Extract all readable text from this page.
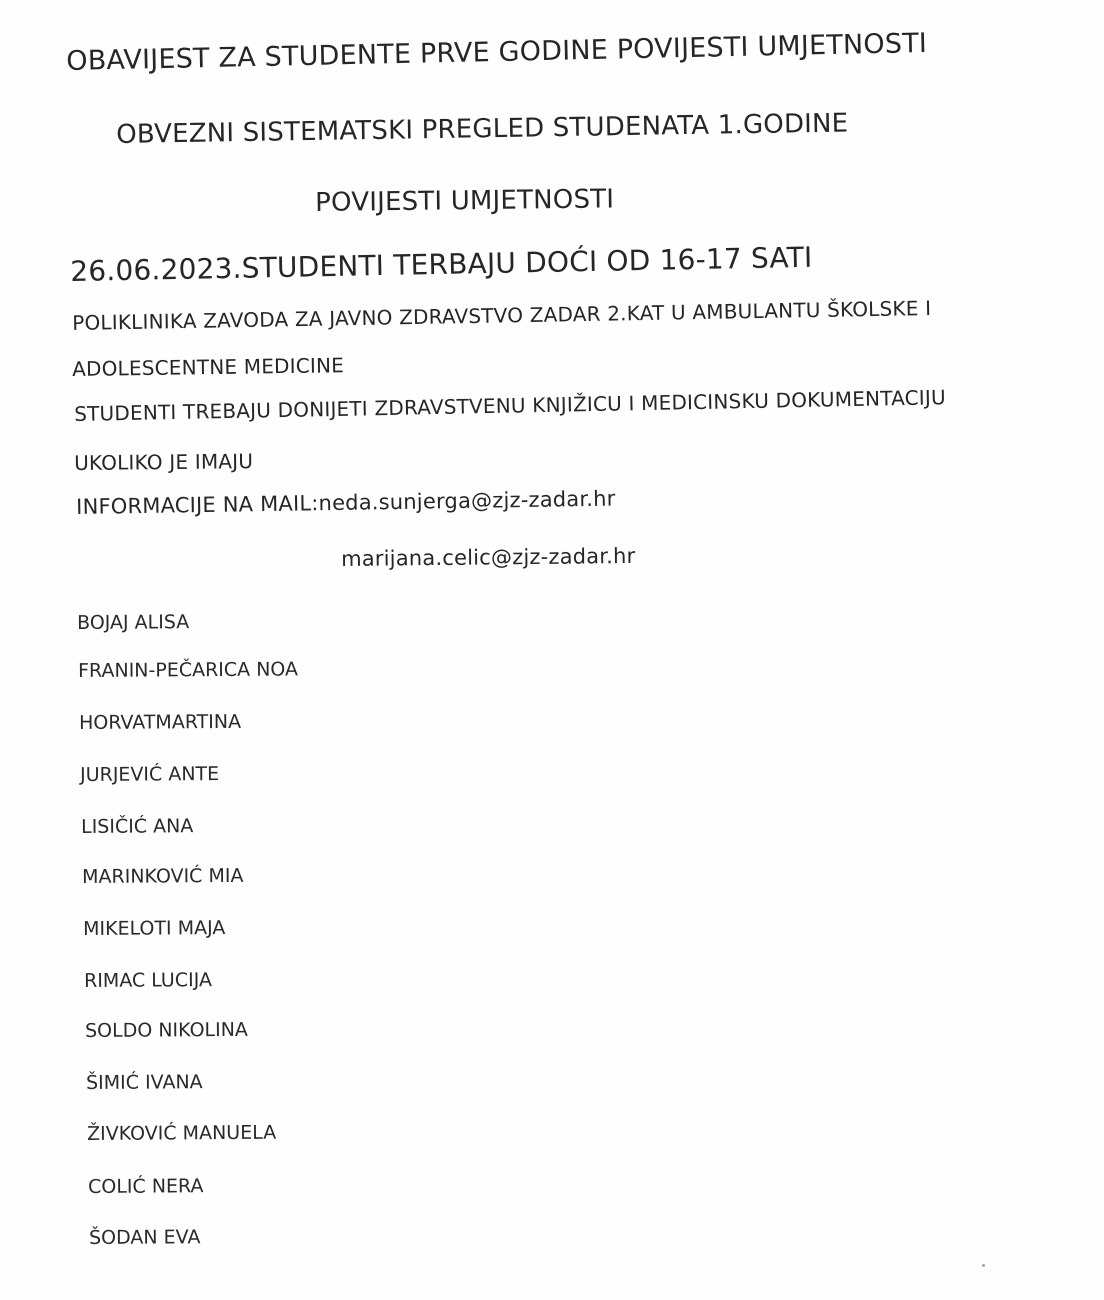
OBAVIJEST ZA STUDENTE PRVE GODINE POVIJESTI UMJETNOSTI
OBVEZNI SISTEMATSKI PREGLED STUDENATA 1.GODINE
POVIJESTI UMJETNOSTI
26.06.2023.STUDENTI TERBAJU DOĆI OD 16-17 SATI
POLIKLINIKA ZAVODA ZA JAVNO ZDRAVSTVO ZADAR 2.KAT U AMBULANTU ŠKOLSKE I
ADOLESCENTNE MEDICINE
STUDENTI TREBAJU DONIJETI ZDRAVSTVENU KNJIŽICU I MEDICINSKU DOKUMENTACIJU
UKOLIKO JE IMAJU
INFORMACIJE NA MAIL:neda.sunjerga@zjz-zadar.hr
marijana.celic@zjz-zadar.hr
BOJAJ ALISA
FRANIN-PEČARICA NOA
HORVATMARTINA
JURJEVIĆ ANTE
LISIČIĆ ANA
MARINKOVIĆ MIA
MIKELOTI MAJA
RIMAC LUCIJA
SOLDO NIKOLINA
ŠIMIĆ IVANA
ŽIVKOVIĆ MANUELA
COLIĆ NERA
ŠODAN EVA
